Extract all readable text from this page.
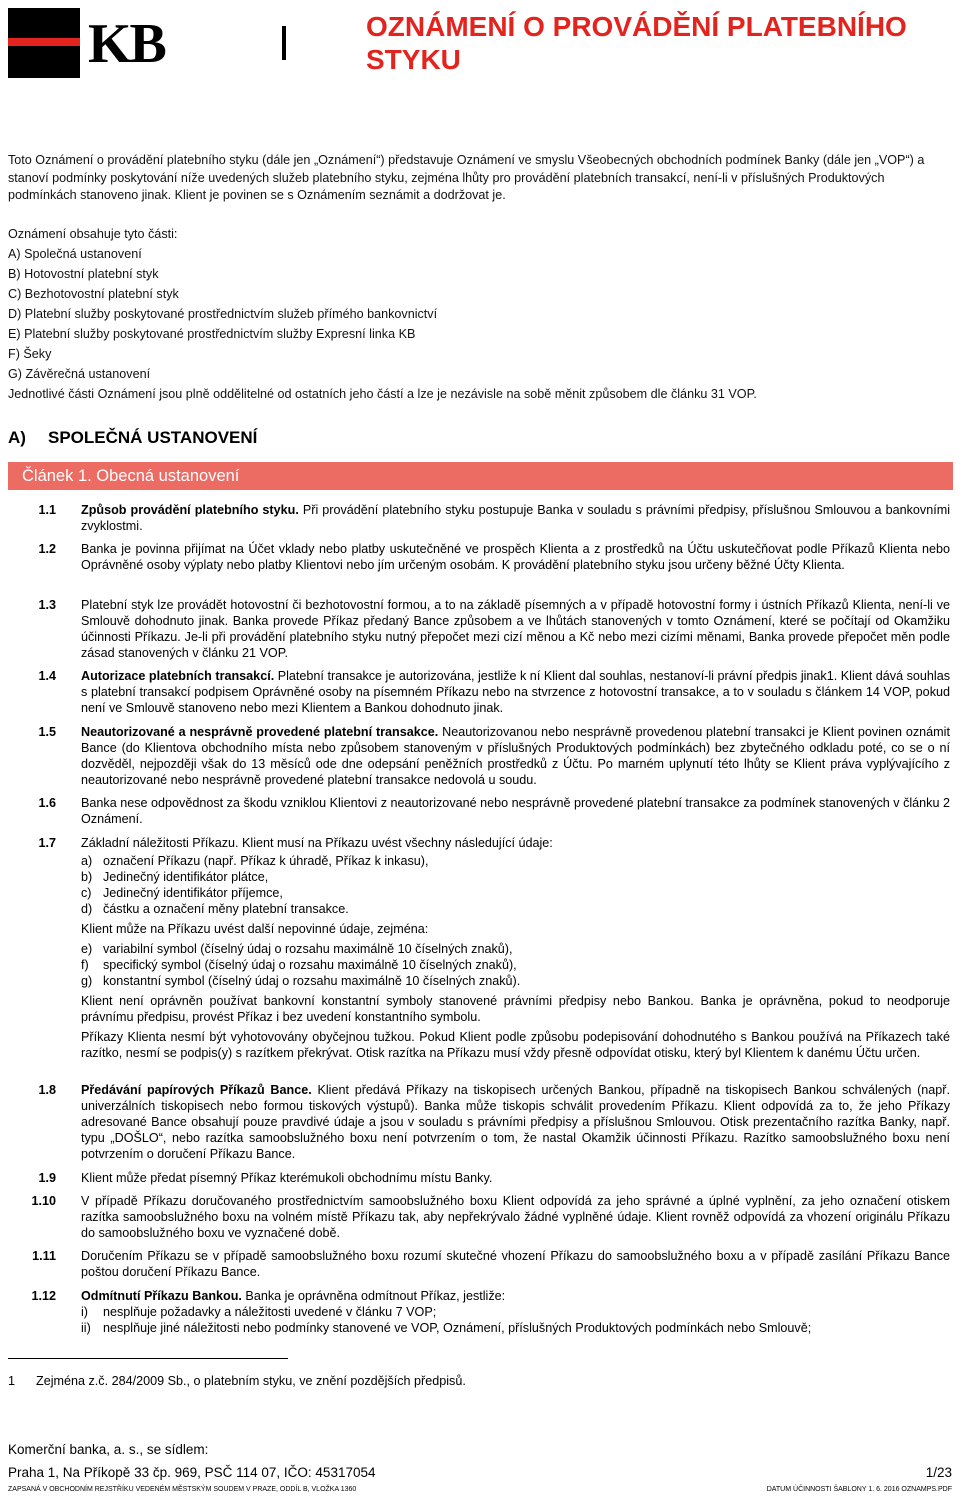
KB	OZNÁMENÍ O PROVÁDĚNÍ PLATEBNÍHO STYKU
Toto Oznámení o provádění platebního styku (dále jen „Oznámení“) představuje Oznámení ve smyslu Všeobecných obchodních podmínek Banky (dále jen „VOP“) a stanoví podmínky poskytování níže uvedených služeb platebního styku, zejména lhůty pro provádění platebních transakcí, není-li v příslušných Produktových podmínkách stanoveno jinak. Klient je povinen se s Oznámením seznámit a dodržovat je.
Oznámení obsahuje tyto části:
A) Společná ustanovení
B) Hotovostní platební styk
C) Bezhotovostní platební styk
D) Platební služby poskytované prostřednictvím služeb přímého bankovnictví
E) Platební služby poskytované prostřednictvím služby Expresní linka KB
F) Šeky
G) Závěrečná ustanovení
Jednotlivé části Oznámení jsou plně oddělitelné od ostatních jeho částí a lze je nezávisle na sobě měnit způsobem dle článku 31 VOP.
A) SPOLEČNÁ USTANOVENÍ
Článek 1. Obecná ustanovení
1.1 Způsob provádění platebního styku. Při provádění platebního styku postupuje Banka v souladu s právními předpisy, příslušnou Smlouvou a bankovními zvyklostmi.
1.2 Banka je povinna přijímat na Účet vklady nebo platby uskutečněné ve prospěch Klienta a z prostředků na Účtu uskutečňovat podle Příkazů Klienta nebo Oprávněné osoby výplaty nebo platby Klientovi nebo jím určeným osobám. K provádění platebního styku jsou určeny běžné Účty Klienta.
1.3 Platební styk lze provádět hotovostní či bezhotovostní formou, a to na základě písemných a v případě hotovostní formy i ústních Příkazů Klienta, není-li ve Smlouvě dohodnuto jinak. Banka provede Příkaz předaný Bance způsobem a ve lhůtách stanovených v tomto Oznámení, které se počítají od Okamžiku účinnosti Příkazu. Je-li při provádění platebního styku nutný přepočet mezi cizí měnou a Kč nebo mezi cizími měnami, Banka provede přepočet měn podle zásad stanovených v článku 21 VOP.
1.4 Autorizace platebních transakcí. Platební transakce je autorizována, jestliže k ní Klient dal souhlas, nestanoví-li právní předpis jinak1. Klient dává souhlas s platební transakcí podpisem Oprávněné osoby na písemném Příkazu nebo na stvrzence z hotovostní transakce, a to v souladu s článkem 14 VOP, pokud není ve Smlouvě stanoveno nebo mezi Klientem a Bankou dohodnuto jinak.
1.5 Neautorizované a nesprávně provedené platební transakce. Neautorizovanou nebo nesprávně provedenou platební transakci je Klient povinen oznámit Bance (do Klientova obchodního místa nebo způsobem stanoveným v příslušných Produktových podmínkách) bez zbytečného odkladu poté, co se o ní dozvěděl, nejpozději však do 13 měsíců ode dne odepsání peněžních prostředků z Účtu. Po marném uplynutí této lhůty se Klient práva vyplývajícího z neautorizované nebo nesprávně provedené platební transakce nedovolá u soudu.
1.6 Banka nese odpovědnost za škodu vzniklou Klientovi z neautorizované nebo nesprávně provedené platební transakce za podmínek stanovených v článku 2 Oznámení.
1.7 Základní náležitosti Příkazu. Klient musí na Příkazu uvést všechny následující údaje:
a) označení Příkazu (např. Příkaz k úhradě, Příkaz k inkasu),
b) Jedinečný identifikátor plátce,
c) Jedinečný identifikátor příjemce,
d) částku a označení měny platební transakce.
Klient může na Příkazu uvést další nepovinné údaje, zejména:
e) variabilní symbol (číselný údaj o rozsahu maximálně 10 číselných znaků),
f)	specifický symbol (číselný údaj o rozsahu maximálně 10 číselných znaků),
g) konstantní symbol (číselný údaj o rozsahu maximálně 10 číselných znaků).
Klient není oprávněn používat bankovní konstantní symboly stanovené právními předpisy nebo Bankou. Banka je oprávněna, pokud to neodporuje právnímu předpisu, provést Příkaz i bez uvedení konstantního symbolu.
Příkazy Klienta nesmí být vyhotovovány obyčejnou tužkou. Pokud Klient podle způsobu podepisování dohodnutého s Bankou používá na Příkazech také razítko, nesmí se podpis(y) s razítkem překrývat. Otisk razítka na Příkazu musí vždy přesně odpovídat otisku, který byl Klientem k danému Účtu určen.
1.8 Předávání papírových Příkazů Bance. Klient předává Příkazy na tiskopisech určených Bankou, případně na tiskopisech Bankou schválených (např. univerzálních tiskopisech nebo formou tiskových výstupů). Banka může tiskopis schválit provedením Příkazu. Klient odpovídá za to, že jeho Příkazy adresované Bance obsahují pouze pravdivé údaje a jsou v souladu s právními předpisy a příslušnou Smlouvou. Otisk prezentačního razítka Banky, např. typu „DOŠLO“, nebo razítka samoobslužného boxu není potvrzením o tom, že nastal Okamžik účinnosti Příkazu. Razítko samoobslužného boxu není potvrzením o doručení Příkazu Bance.
1.9 Klient může předat písemný Příkaz kterémukoli obchodnímu místu Banky.
1.10 V případě Příkazu doručovaného prostřednictvím samoobslužného boxu Klient odpovídá za jeho správné a úplné vyplnění, za jeho označení otiskem razítka samoobslužného boxu na volném místě Příkazu tak, aby nepřekrývalo žádné vyplněné údaje. Klient rovněž odpovídá za vhození originálu Příkazu do samoobslužného boxu ve vyznačené době.
1.11 Doručením Příkazu se v případě samoobslužného boxu rozumí skutečné vhození Příkazu do samoobslužného boxu a v případě zasílání Příkazu Bance poštou doručení Příkazu Bance.
1.12 Odmítnutí Příkazu Bankou. Banka je oprávněna odmítnout Příkaz, jestliže:
i)	nesplňuje požadavky a náležitosti uvedené v článku 7 VOP;
ii) nesplňuje jiné náležitosti nebo podmínky stanovené ve VOP, Oznámení, příslušných Produktových podmínkách nebo Smlouvě;
1 Zejména z.č. 284/2009 Sb., o platebním styku, ve znění pozdějších předpisů.
Komerční banka, a. s., se sídlem:
Praha 1, Na Příkopě 33 čp. 969, PSČ 114 07, IČO: 45317054	1/23
ZAPSANÁ V OBCHODNÍM REJSTŘÍKU VEDENÉM MĚSTSKÝM SOUDEM V PRAZE, ODDÍL B, VLOŽKA 1360	DATUM ÚČINNOSTI ŠABLONY 1. 6. 2016 OZNAMPS.PDF
